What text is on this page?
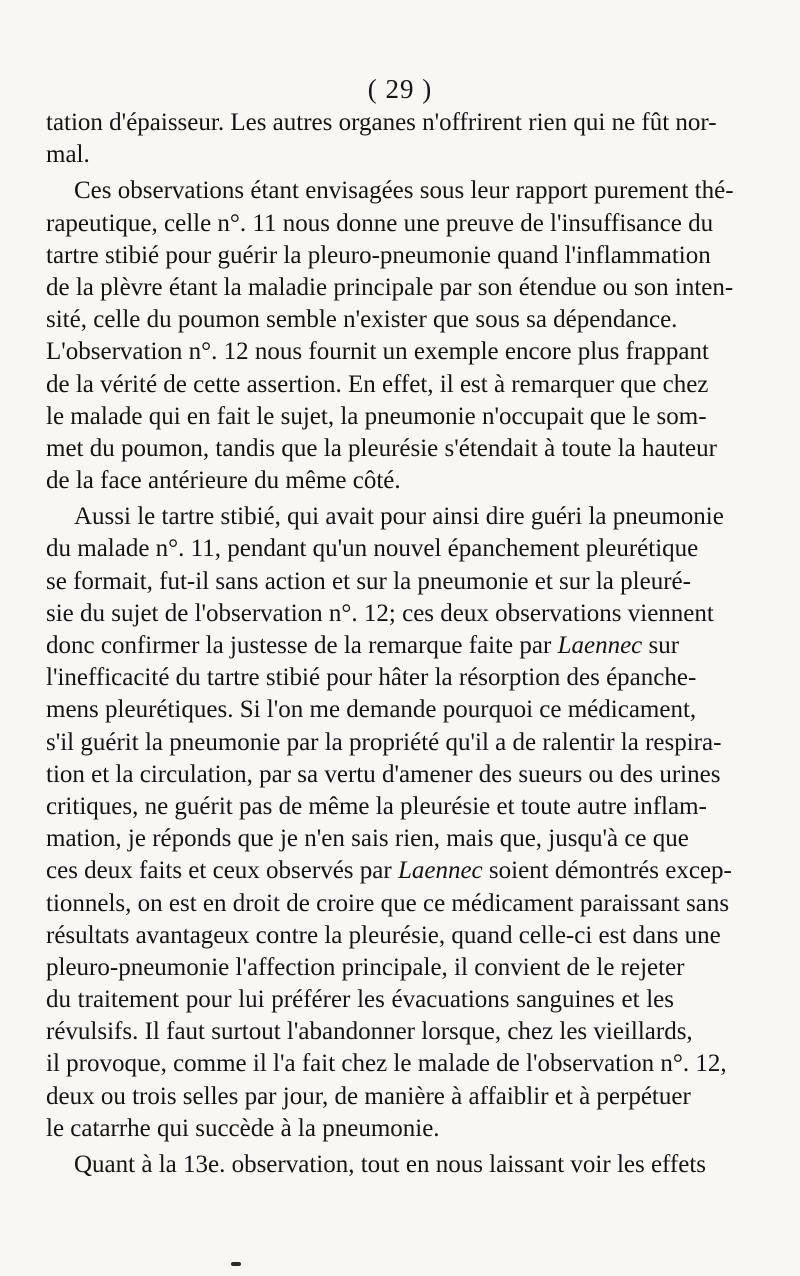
( 29 )
tation d'épaisseur. Les autres organes n'offrirent rien qui ne fût nor-
mal.
Ces observations étant envisagées sous leur rapport purement thé-
rapeutique, celle n°. 11 nous donne une preuve de l'insuffisance du
tartre stibié pour guérir la pleuro-pneumonie quand l'inflammation
de la plèvre étant la maladie principale par son étendue ou son inten-
sité, celle du poumon semble n'exister que sous sa dépendance.
L'observation n°. 12 nous fournit un exemple encore plus frappant
de la vérité de cette assertion. En effet, il est à remarquer que chez
le malade qui en fait le sujet, la pneumonie n'occupait que le som-
met du poumon, tandis que la pleurésie s'étendait à toute la hauteur
de la face antérieure du même côté.
Aussi le tartre stibié, qui avait pour ainsi dire guéri la pneumonie
du malade n°. 11, pendant qu'un nouvel épanchement pleurétique
se formait, fut-il sans action et sur la pneumonie et sur la pleuré-
sie du sujet de l'observation n°. 12; ces deux observations viennent
donc confirmer la justesse de la remarque faite par Laennec sur
l'inefficacité du tartre stibié pour hâter la résorption des épanche-
mens pleurétiques. Si l'on me demande pourquoi ce médicament,
s'il guérit la pneumonie par la propriété qu'il a de ralentir la respira-
tion et la circulation, par sa vertu d'amener des sueurs ou des urines
critiques, ne guérit pas de même la pleurésie et toute autre inflam-
mation, je réponds que je n'en sais rien, mais que, jusqu'à ce que
ces deux faits et ceux observés par Laennec soient démontrés excep-
tionnels, on est en droit de croire que ce médicament paraissant sans
résultats avantageux contre la pleurésie, quand celle-ci est dans une
pleuro-pneumonie l'affection principale, il convient de le rejeter
du traitement pour lui préférer les évacuations sanguines et les
révulsifs. Il faut surtout l'abandonner lorsque, chez les vieillards,
il provoque, comme il l'a fait chez le malade de l'observation n°. 12,
deux ou trois selles par jour, de manière à affaiblir et à perpétuer
le catarrhe qui succède à la pneumonie.
Quant à la 13e. observation, tout en nous laissant voir les effets
